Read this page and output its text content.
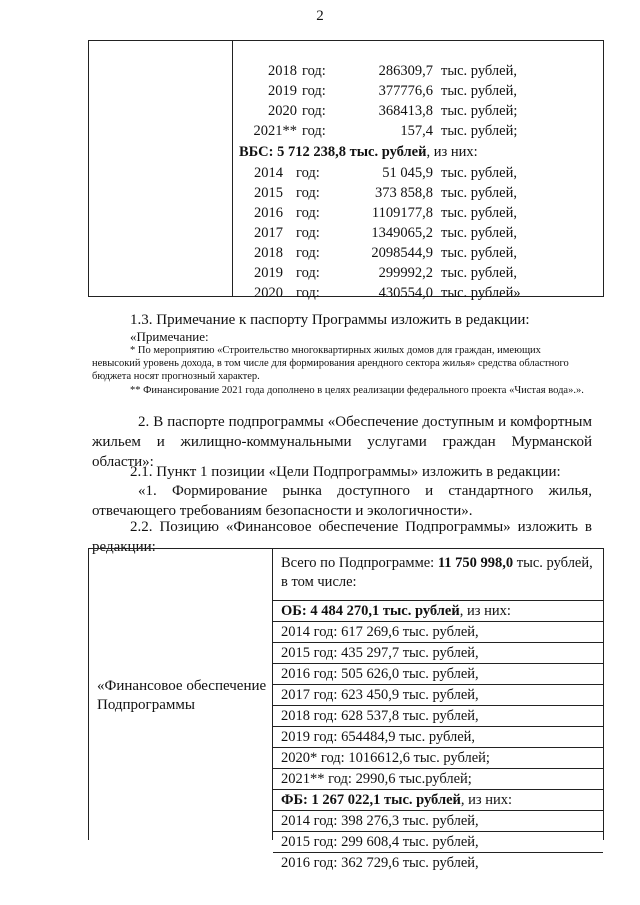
2
2018 год:	286309,7 тыс. рублей,
2019 год:	377776,6 тыс. рублей,
2020 год:	368413,8 тыс. рублей;
2021** год:	157,4 тыс. рублей;
ВБС: 5 712 238,8 тыс. рублей, из них:
2014 год:	51 045,9 тыс. рублей,
2015 год:	373 858,8 тыс. рублей,
2016 год:	1109177,8 тыс. рублей,
2017 год:	1349065,2 тыс. рублей,
2018 год:	2098544,9 тыс. рублей,
2019 год:	299992,2 тыс. рублей,
2020 год:	430554,0 тыс. рублей»
1.3. Примечание к паспорту Программы изложить в редакции:
«Примечание:
* По мероприятию «Строительство многоквартирных жилых домов для граждан, имеющих невысокий уровень дохода, в том числе для формирования арендного сектора жилья» средства областного бюджета носят прогнозный характер.
** Финансирование 2021 года дополнено в целях реализации федерального проекта «Чистая вода».».
2. В паспорте подпрограммы «Обеспечение доступным и комфортным жильем и жилищно-коммунальными услугами граждан Мурманской области»:
2.1. Пункт 1 позиции «Цели Подпрограммы» изложить в редакции:
«1. Формирование рынка доступного и стандартного жилья, отвечающего требованиям безопасности и экологичности».
2.2. Позицию «Финансовое обеспечение Подпрограммы» изложить в редакции:
«Финансовое обеспечение Подпрограммы
Всего по Подпрограмме: 11 750 998,0 тыс. рублей, в том числе:
ОБ: 4 484 270,1 тыс. рублей, из них:
2014 год: 617 269,6 тыс. рублей,
2015 год: 435 297,7 тыс. рублей,
2016 год: 505 626,0 тыс. рублей,
2017 год: 623 450,9 тыс. рублей,
2018 год: 628 537,8 тыс. рублей,
2019 год: 654484,9 тыс. рублей,
2020* год: 1016612,6 тыс. рублей;
2021** год: 2990,6 тыс.рублей;
ФБ: 1 267 022,1 тыс. рублей, из них:
2014 год: 398 276,3 тыс. рублей,
2015 год: 299 608,4 тыс. рублей,
2016 год: 362 729,6 тыс. рублей,
